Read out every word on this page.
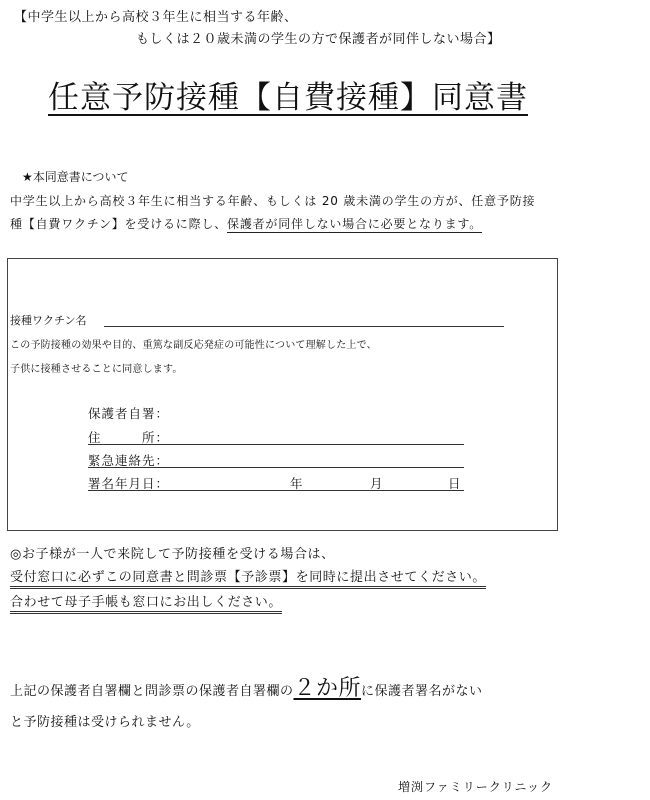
【中学生以上から高校３年生に相当する年齢、
もしくは２０歳未満の学生の方で保護者が同伴しない場合】
任意予防接種【自費接種】同意書
★本同意書について
中学生以上から高校３年生に相当する年齢、もしくは 20 歳未満の学生の方が、任意予防接
種【自費ワクチン】を受けるに際し、保護者が同伴しない場合に必要となります。
接種ワクチン名
この予防接種の効果や目的、重篤な副反応発症の可能性について理解した上で、
子供に接種させることに同意します。
保護者自署：
住　　　所：
緊急連絡先：
署名年月日：	年	月	日
◎お子様が一人で来院して予防接種を受ける場合は、
受付窓口に必ずこの同意書と問診票【予診票】を同時に提出させてください。
合わせて母子手帳も窓口にお出しください。
上記の保護者自署欄と問診票の保護者自署欄の２か所に保護者署名がない
と予防接種は受けられません。
増渕ファミリークリニック
